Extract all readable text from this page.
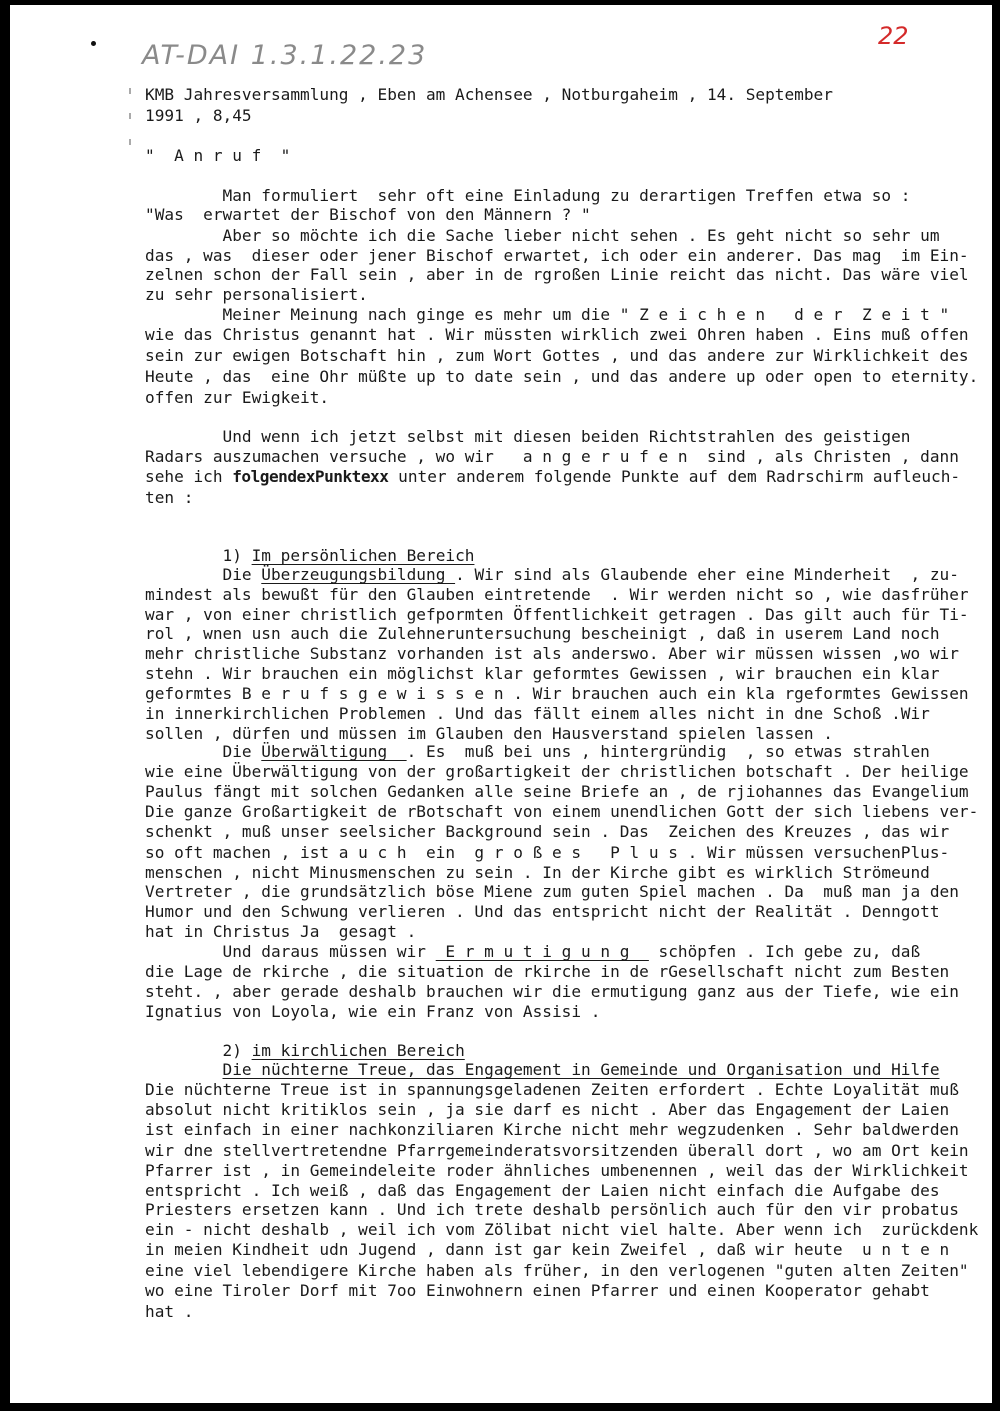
AT-DAI 1.3.1.22.23
22
KMB Jahresversammlung , Eben am Achensee , Notburgaheim , 14. September
1991 , 8,45
"  A n r u f  "
Man formuliert  sehr oft eine Einladung zu derartigen Treffen etwa so :
"Was  erwartet der Bischof von den Männern ? "
Aber so möchte ich die Sache lieber nicht sehen . Es geht nicht so sehr um
das , was  dieser oder jener Bischof erwartet, ich oder ein anderer. Das mag  im Ein-
zelnen schon der Fall sein , aber in de rgroßen Linie reicht das nicht. Das wäre viel
zu sehr personalisiert.
Meiner Meinung nach ginge es mehr um die " Z e i c h e n   d e r  Z e i t "
wie das Christus genannt hat . Wir müssten wirklich zwei Ohren haben . Eins muß offen
sein zur ewigen Botschaft hin , zum Wort Gottes , und das andere zur Wirklichkeit des
Heute , das  eine Ohr müßte up to date sein , und das andere up oder open to eternity.
offen zur Ewigkeit.
Und wenn ich jetzt selbst mit diesen beiden Richtstrahlen des geistigen
Radars auszumachen versuche , wo wir   a n g e r u f e n  sind , als Christen , dann
sehe ich folgendexPunktexx unter anderem folgende Punkte auf dem Radrschirm aufleuch-
ten :
1) Im persönlichen Bereich
Die Überzeugungsbildung . Wir sind als Glaubende eher eine Minderheit  , zu-
mindest als bewußt für den Glauben eintretende  . Wir werden nicht so , wie dasfrüher
war , von einer christlich gefpormten Öffentlichkeit getragen . Das gilt auch für Ti-
rol , wnen usn auch die Zulehneruntersuchung bescheinigt , daß in userem Land noch
mehr christliche Substanz vorhanden ist als anderswo. Aber wir müssen wissen ,wo wir
stehn . Wir brauchen ein möglichst klar geformtes Gewissen , wir brauchen ein klar
geformtes B e r u f s g e w i s s e n . Wir brauchen auch ein kla rgeformtes Gewissen
in innerkirchlichen Problemen . Und das fällt einem alles nicht in dne Schoß .Wir
sollen , dürfen und müssen im Glauben den Hausverstand spielen lassen .
Die Überwältigung  . Es  muß bei uns , hintergründig  , so etwas strahlen
wie eine Überwältigung von der großartigkeit der christlichen botschaft . Der heilige
Paulus fängt mit solchen Gedanken alle seine Briefe an , de rjiohannes das Evangelium
Die ganze Großartigkeit de rBotschaft von einem unendlichen Gott der sich liebens ver-
schenkt , muß unser seelsicher Background sein . Das  Zeichen des Kreuzes , das wir
so oft machen , ist a u c h  ein  g r o ß e s   P l u s . Wir müssen versuchenPlus-
menschen , nicht Minusmenschen zu sein . In der Kirche gibt es wirklich Strömeund
Vertreter , die grundsätzlich böse Miene zum guten Spiel machen . Da  muß man ja den
Humor und den Schwung verlieren . Und das entspricht nicht der Realität . Denngott
hat in Christus Ja  gesagt .
Und daraus müssen wir  E r m u t i g u n g   schöpfen . Ich gebe zu, daß
die Lage de rkirche , die situation de rkirche in de rGesellschaft nicht zum Besten
steht. , aber gerade deshalb brauchen wir die ermutigung ganz aus der Tiefe, wie ein
Ignatius von Loyola, wie ein Franz von Assisi .
2) im kirchlichen Bereich
Die nüchterne Treue, das Engagement in Gemeinde und Organisation und Hilfe
Die nüchterne Treue ist in spannungsgeladenen Zeiten erfordert . Echte Loyalität muß
absolut nicht kritiklos sein , ja sie darf es nicht . Aber das Engagement der Laien
ist einfach in einer nachkonziliaren Kirche nicht mehr wegzudenken . Sehr baldwerden
wir dne stellvertretendne Pfarrgemeinderatsvorsitzenden überall dort , wo am Ort kein
Pfarrer ist , in Gemeindeleite roder ähnliches umbenennen , weil das der Wirklichkeit
entspricht . Ich weiß , daß das Engagement der Laien nicht einfach die Aufgabe des
Priesters ersetzen kann . Und ich trete deshalb persönlich auch für den vir probatus
ein - nicht deshalb , weil ich vom Zölibat nicht viel halte. Aber wenn ich  zurückdenk
in meien Kindheit udn Jugend , dann ist gar kein Zweifel , daß wir heute  u n t e n
eine viel lebendigere Kirche haben als früher, in den verlogenen "guten alten Zeiten"
wo eine Tiroler Dorf mit 7oo Einwohnern einen Pfarrer und einen Kooperator gehabt
hat .
